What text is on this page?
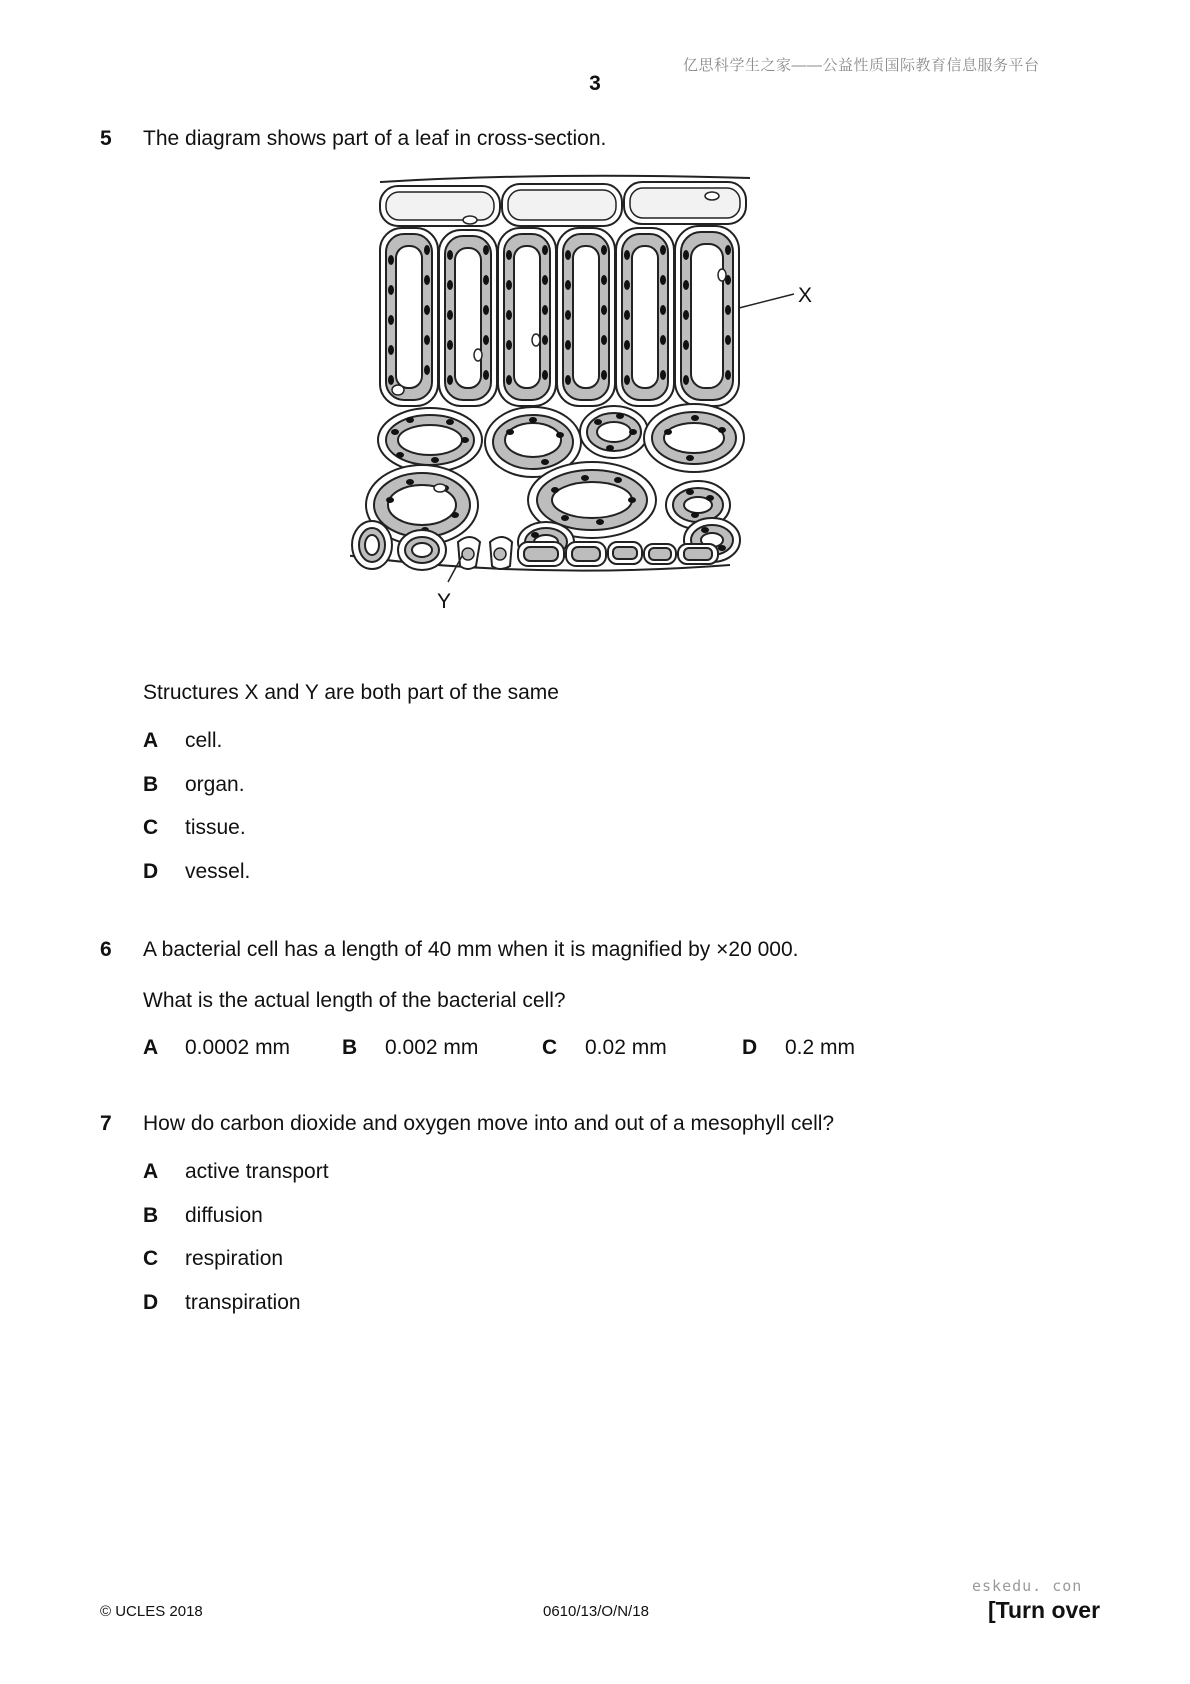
亿思科学生之家——公益性质国际教育信息服务平台
3
5 The diagram shows part of a leaf in cross-section.
X
Y
Structures X and Y are both part of the same
A cell.
B organ.
C tissue.
D vessel.
6 A bacterial cell has a length of 40 mm when it is magnified by ×20 000.
What is the actual length of the bacterial cell?
A 0.0002 mm B 0.002 mm	C 0.02 mm	D 0.2 mm
7 How do carbon dioxide and oxygen move into and out of a mesophyll cell?
A active transport
B diffusion
C respiration
D transpiration
eskedu. con
© UCLES 2018	0610/13/O/N/18	[Turn over
